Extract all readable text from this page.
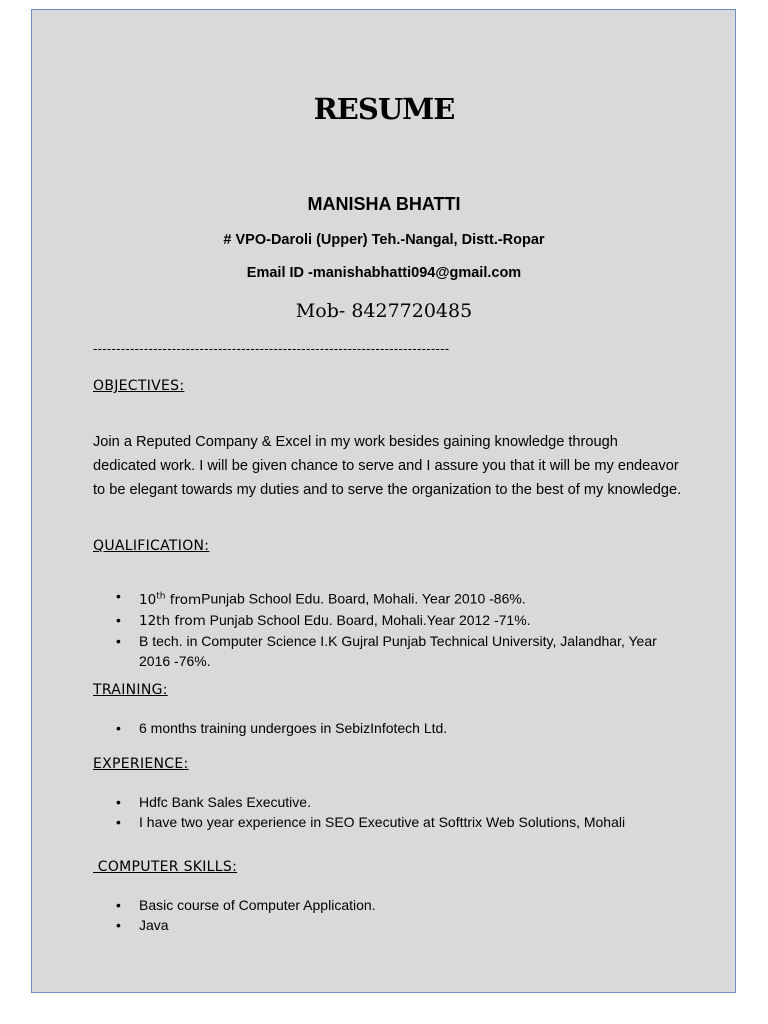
RESUME
MANISHA BHATTI
# VPO-Daroli (Upper) Teh.-Nangal, Distt.-Ropar
Email ID -manishabhatti094@gmail.com
Mob- 8427720485
-----------------------------------------------------------------------------
OBJECTIVES:
Join a Reputed Company & Excel in my work besides gaining knowledge through dedicated work. I will be given chance to serve and I assure you that it will be my endeavor to be elegant towards my duties and to serve the organization to the best of my knowledge.
QUALIFICATION:
• 10th fromPunjab School Edu. Board, Mohali. Year 2010 -86%.
• 12th from Punjab School Edu. Board, Mohali.Year 2012 -71%.
• B tech. in Computer Science I.K Gujral Punjab Technical University, Jalandhar, Year 2016 -76%.
TRAINING:
• 6 months training undergoes in SebizInfotech Ltd.
EXPERIENCE:
• Hdfc Bank Sales Executive.
• I have two year experience in SEO Executive at Softtrix Web Solutions, Mohali
COMPUTER SKILLS:
• Basic course of Computer Application.
• Java
